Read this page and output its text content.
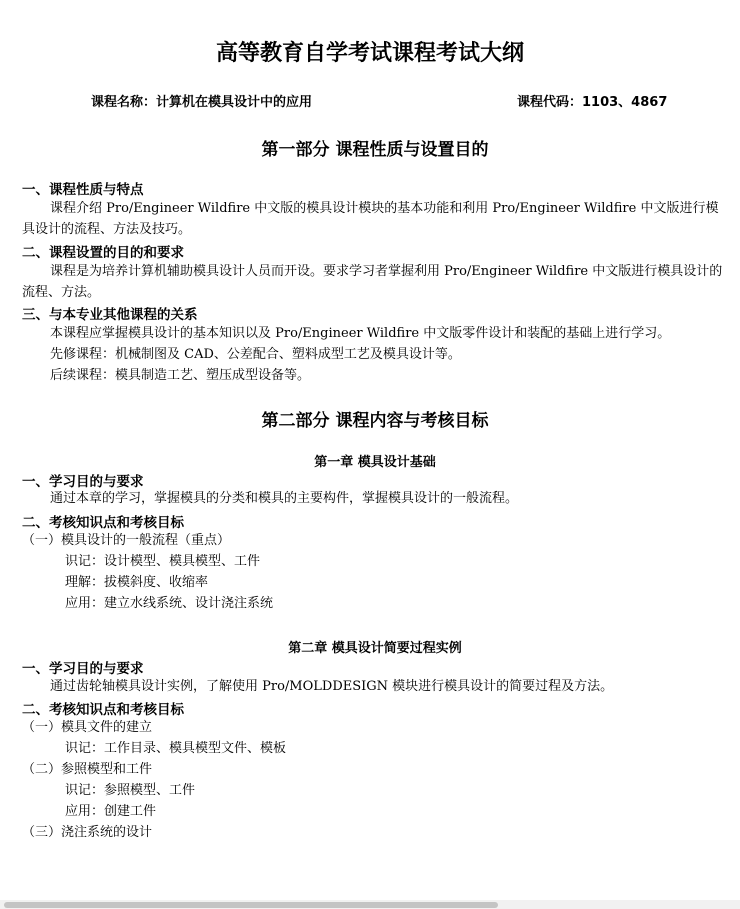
高等教育自学考试课程考试大纲
课程名称：计算机在模具设计中的应用	课程代码：1103、4867
第一部分 课程性质与设置目的
一、课程性质与特点
课程介绍 Pro/Engineer Wildfire 中文版的模具设计模块的基本功能和利用 Pro/Engineer Wildfire 中文版进行模具设计的流程、方法及技巧。
二、课程设置的目的和要求
课程是为培养计算机辅助模具设计人员而开设。要求学习者掌握利用 Pro/Engineer Wildfire 中文版进行模具设计的流程、方法。
三、与本专业其他课程的关系
本课程应掌握模具设计的基本知识以及 Pro/Engineer Wildfire 中文版零件设计和装配的基础上进行学习。
先修课程：机械制图及 CAD、公差配合、塑料成型工艺及模具设计等。
后续课程：模具制造工艺、塑压成型设备等。
第二部分 课程内容与考核目标
第一章 模具设计基础
一、学习目的与要求
通过本章的学习，掌握模具的分类和模具的主要构件，掌握模具设计的一般流程。
二、考核知识点和考核目标
（一）模具设计的一般流程（重点）
识记：设计模型、模具模型、工件
理解：拔模斜度、收缩率
应用：建立水线系统、设计浇注系统
第二章 模具设计简要过程实例
一、学习目的与要求
通过齿轮轴模具设计实例，了解使用 Pro/MOLDDESIGN 模块进行模具设计的简要过程及方法。
二、考核知识点和考核目标
（一）模具文件的建立
识记：工作目录、模具模型文件、模板
（二）参照模型和工件
识记：参照模型、工件
应用：创建工件
（三）浇注系统的设计
